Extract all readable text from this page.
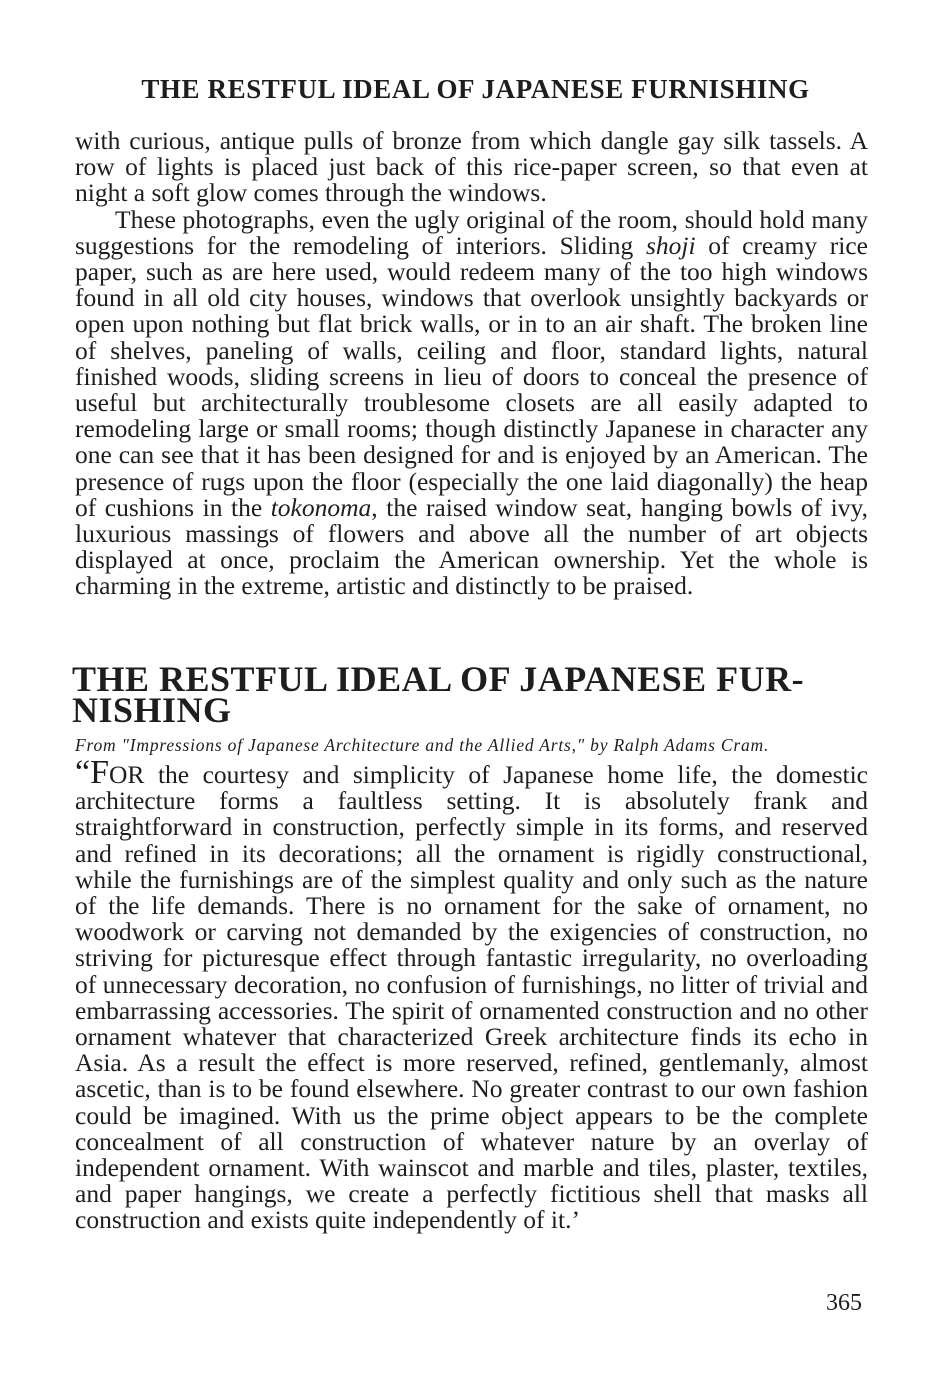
THE RESTFUL IDEAL OF JAPANESE FURNISHING

with curious, antique pulls of bronze from which dangle gay silk tassels. A row of lights is placed just back of this rice-paper screen, so that even at night a soft glow comes through the windows.

These photographs, even the ugly original of the room, should hold many suggestions for the remodeling of interiors. Sliding shoji of creamy rice paper, such as are here used, would redeem many of the too high windows found in all old city houses, windows that overlook unsightly backyards or open upon nothing but flat brick walls, or in to an air shaft. The broken line of shelves, paneling of walls, ceiling and floor, standard lights, natural finished woods, sliding screens in lieu of doors to conceal the presence of useful but architecturally troublesome closets are all easily adapted to remodeling large or small rooms; though distinctly Japanese in character any one can see that it has been designed for and is enjoyed by an American. The presence of rugs upon the floor (especially the one laid diagonally) the heap of cushions in the tokonoma, the raised window seat, hanging bowls of ivy, luxurious massings of flowers and above all the number of art objects displayed at once, proclaim the American ownership. Yet the whole is charming in the extreme, artistic and distinctly to be praised.

THE RESTFUL IDEAL OF JAPANESE FUR-NISHING
From "Impressions of Japanese Architecture and the Allied Arts," by Ralph Adams Cram.

“FOR the courtesy and simplicity of Japanese home life, the domestic architecture forms a faultless setting. It is absolutely frank and straightforward in construction, perfectly simple in its forms, and reserved and refined in its decorations; all the ornament is rigidly constructional, while the furnishings are of the simplest quality and only such as the nature of the life demands. There is no ornament for the sake of ornament, no woodwork or carving not demanded by the exigencies of construction, no striving for picturesque effect through fantastic irregularity, no overloading of unnecessary decoration, no confusion of furnishings, no litter of trivial and embarrassing accessories. The spirit of ornamented construction and no other ornament whatever that characterized Greek architecture finds its echo in Asia. As a result the effect is more reserved, refined, gentlemanly, almost ascetic, than is to be found elsewhere. No greater contrast to our own fashion could be imagined. With us the prime object appears to be the complete concealment of all construction of whatever nature by an overlay of independent ornament. With wainscot and marble and tiles, plaster, textiles, and paper hangings, we create a perfectly fictitious shell that masks all construction and exists quite independently of it.’

365
